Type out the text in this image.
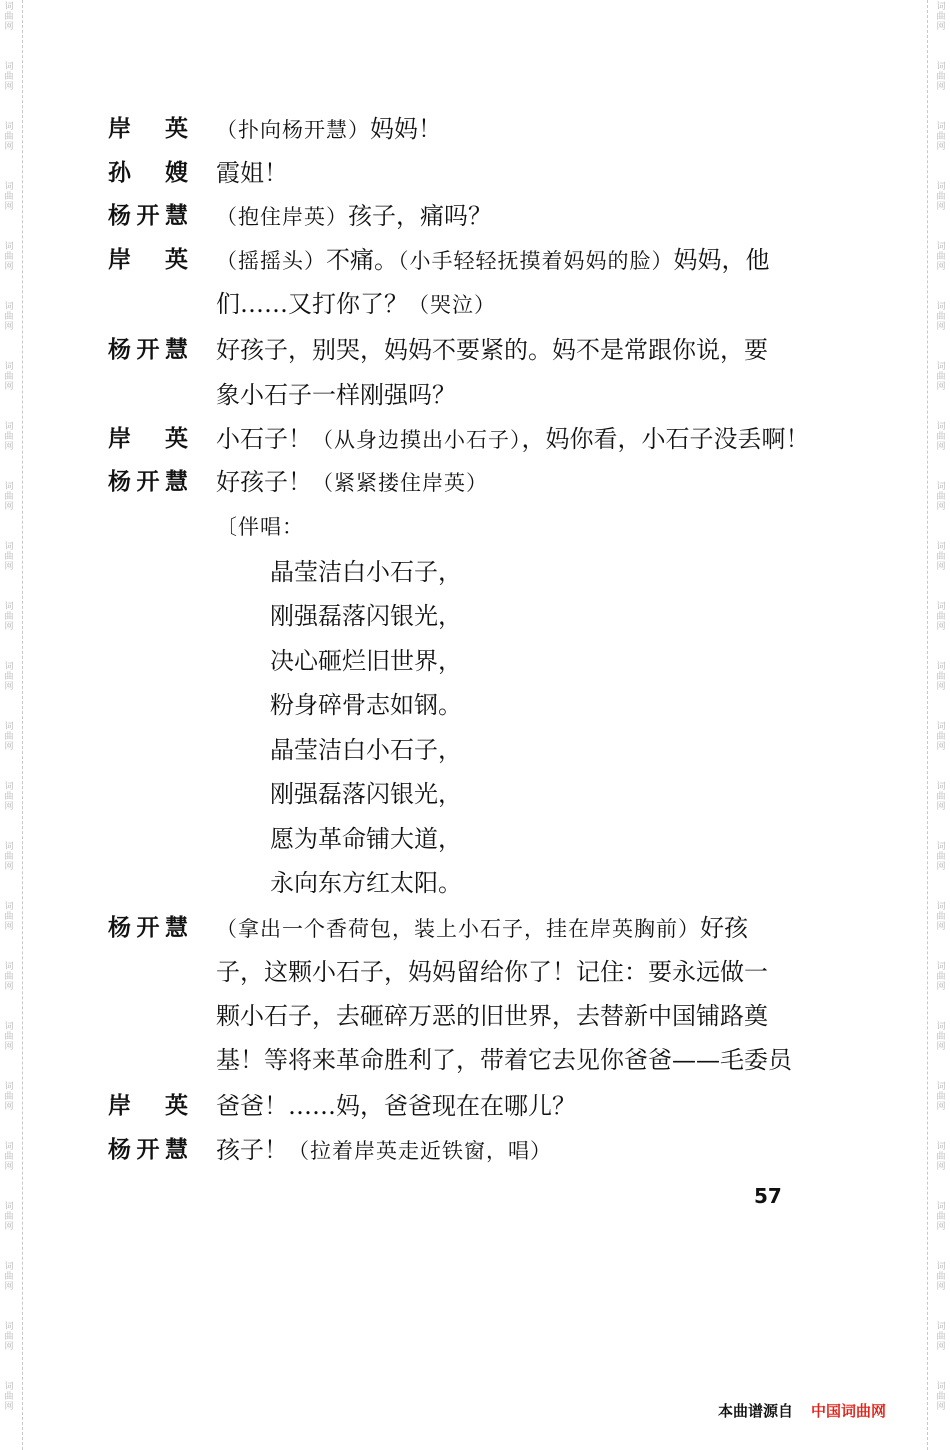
词
曲
网
词
曲
网
词
曲
网
词
曲
网
词
曲
网
词
曲
网
词
曲
网
词
曲
网
词
曲
网
词
曲
网
词
曲
网
词
曲
网
词
曲
网
词
曲
网
词
曲
网
词
曲
网
词
曲
网
词
曲
网
词
曲
网
词
曲
网
词
曲
网
词
曲
网
词
曲
网
词
曲
网
词
曲
网
词
曲
网
词
曲
网
词
曲
网
词
曲
网
词
曲
网
词
曲
网
词
曲
网
词
曲
网
词
曲
网
词
曲
网
词
曲
网
词
曲
网
词
曲
网
词
曲
网
词
曲
网
词
曲
网
词
曲
网
词
曲
网
词
曲
网
词
曲
网
词
曲
网
词
曲
网
词
曲
网
岸　英 （扑向杨开慧）妈妈！
孙　嫂 霞姐！
杨开慧 （抱住岸英）孩子，痛吗？
岸　英 （摇摇头）不痛。（小手轻轻抚摸着妈妈的脸）妈妈，他
们……又打你了？（哭泣）
杨开慧 好孩子，别哭，妈妈不要紧的。妈不是常跟你说，要
象小石子一样刚强吗？
岸　英 小石子！（从身边摸出小石子），妈你看，小石子没丢啊！
杨开慧 好孩子！（紧紧搂住岸英）
〔伴唱：
晶莹洁白小石子，
刚强磊落闪银光，
决心砸烂旧世界，
粉身碎骨志如钢。
晶莹洁白小石子，
刚强磊落闪银光，
愿为革命铺大道，
永向东方红太阳。
杨开慧 （拿出一个香荷包，装上小石子，挂在岸英胸前）好孩
子，这颗小石子，妈妈留给你了！记住：要永远做一
颗小石子，去砸碎万恶的旧世界，去替新中国铺路奠
基！等将来革命胜利了，带着它去见你爸爸——毛委员
岸　英 爸爸！……妈，爸爸现在在哪儿？
杨开慧 孩子！（拉着岸英走近铁窗，唱）
57
本曲谱源自 中国词曲网
